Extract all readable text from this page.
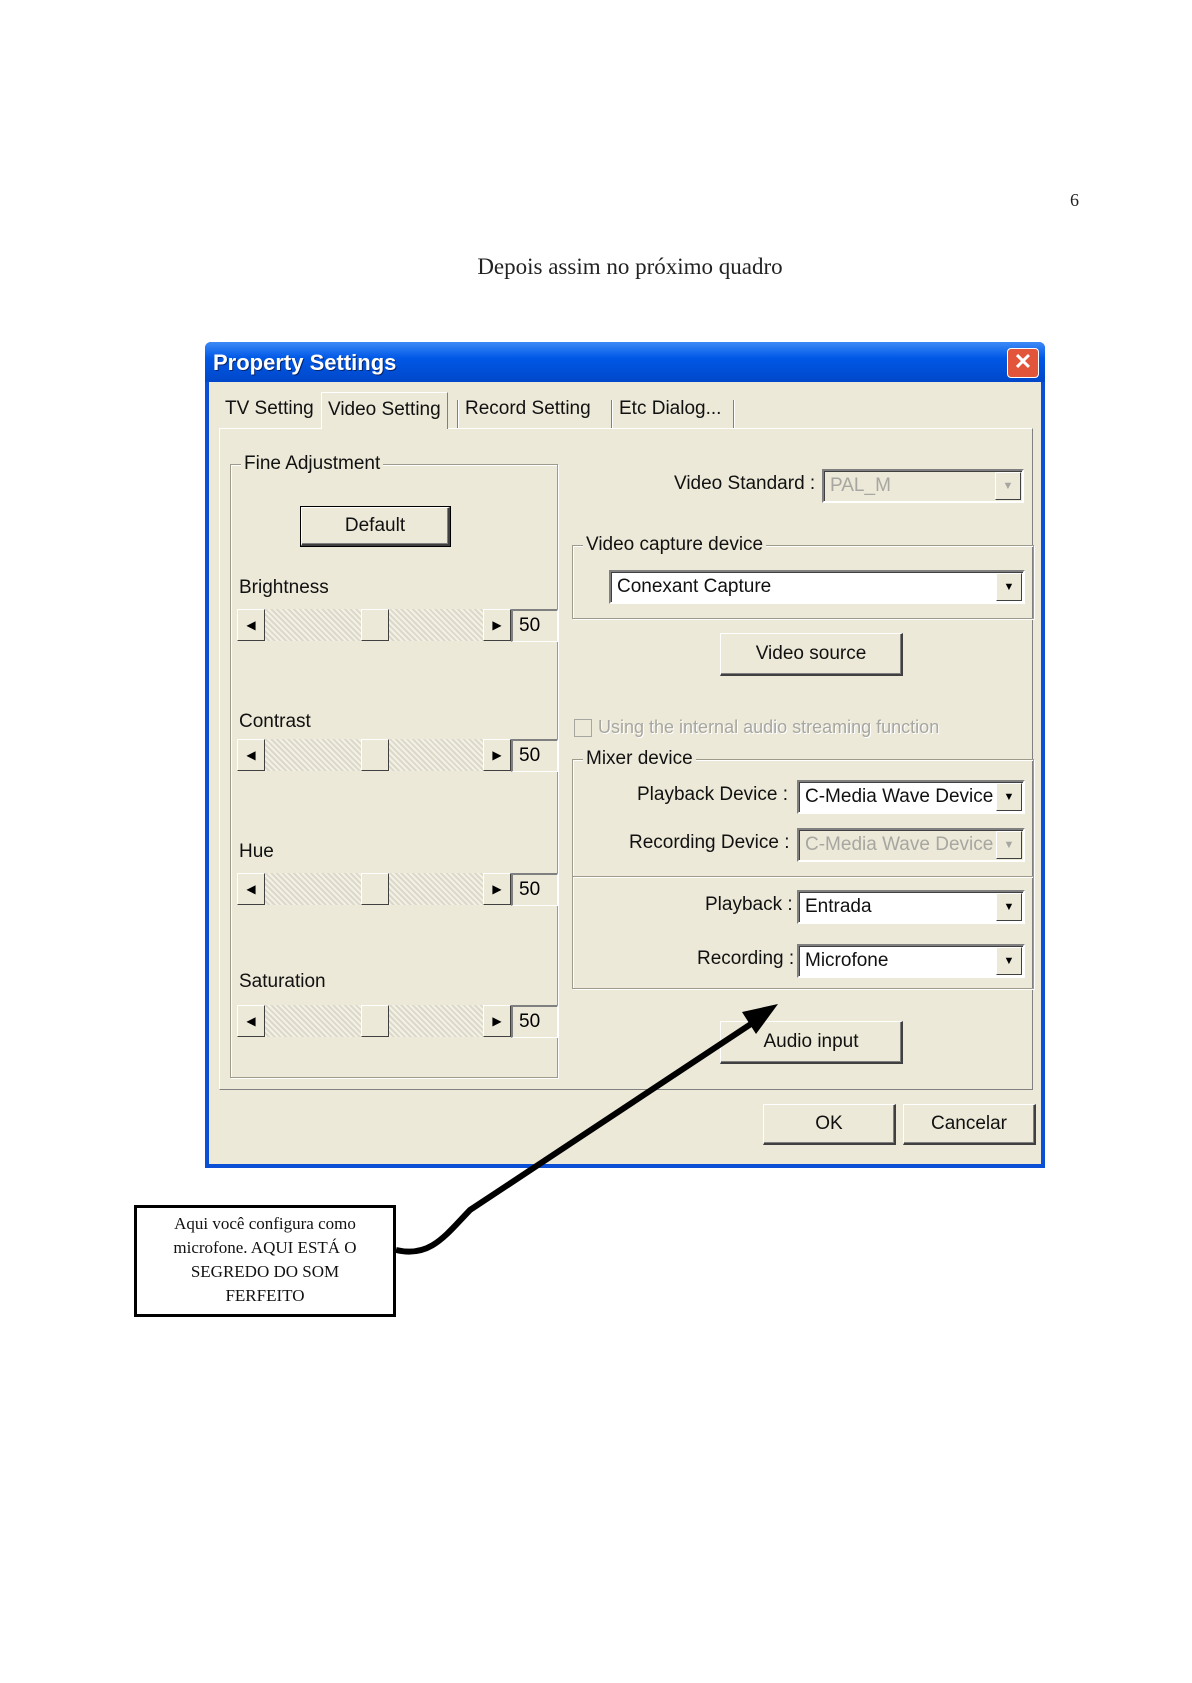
6
Depois assim no próximo quadro
Property Settings	✕
TV Setting Video Setting	Record Setting Etc Dialog...
Fine Adjustment
Default
Brightness
◀	▶ 50
Contrast
◀	▶ 50
Hue
◀	▶ 50
Saturation
◀	▶ 50
Video Standard : PAL_M	▼
Video capture device
Conexant Capture	▼
Video source
Using the internal audio streaming function
Mixer device
Playback Device : C-Media Wave Device ▼
Recording Device : C-Media Wave Device ▼
Playback : Entrada	▼
Recording : Microfone	▼
Audio input
OK	Cancelar
Aqui você configura como
microfone. AQUI ESTÁ O
SEGREDO DO SOM
FERFEITO
